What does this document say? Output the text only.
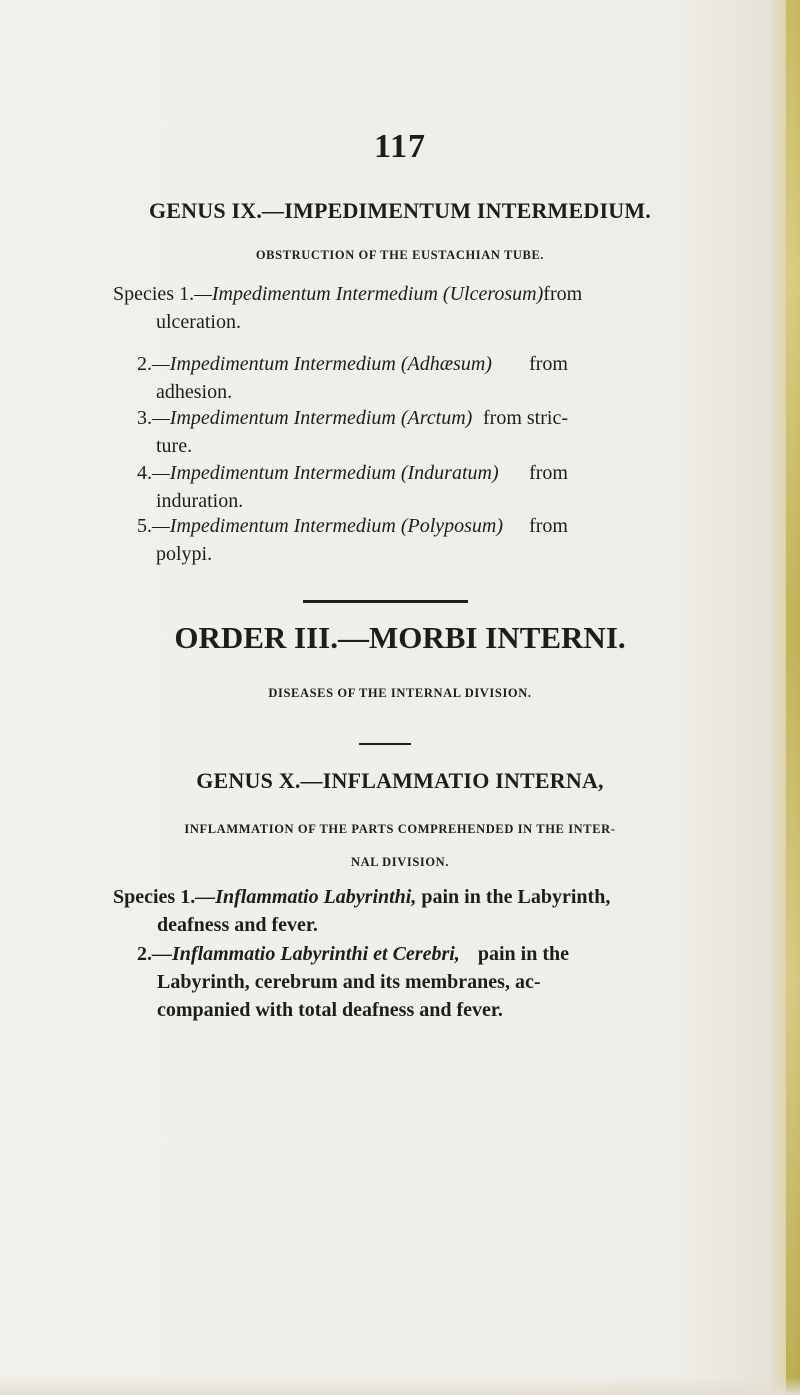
117
GENUS IX.—IMPEDIMENTUM INTERMEDIUM.
OBSTRUCTION OF THE EUSTACHIAN TUBE.
Species 1.—Impedimentum Intermedium (Ulcerosum) from
ulceration.
2.—Impedimentum Intermedium (Adhæsum) from
adhesion.
3.—Impedimentum Intermedium (Arctum) from stric-
ture.
4.—Impedimentum Intermedium (Induratum) from
induration.
5.—Impedimentum Intermedium (Polyposum) from
polypi.
ORDER III.—MORBI INTERNI.
DISEASES OF THE INTERNAL DIVISION.
GENUS X.—INFLAMMATIO INTERNA,
INFLAMMATION OF THE PARTS COMPREHENDED IN THE INTER-
NAL DIVISION.
Species 1.—Inflammatio Labyrinthi, pain in the Labyrinth,
deafness and fever.
2.—Inflammatio Labyrinthi et Cerebri, pain in the
Labyrinth, cerebrum and its membranes, ac-
companied with total deafness and fever.
